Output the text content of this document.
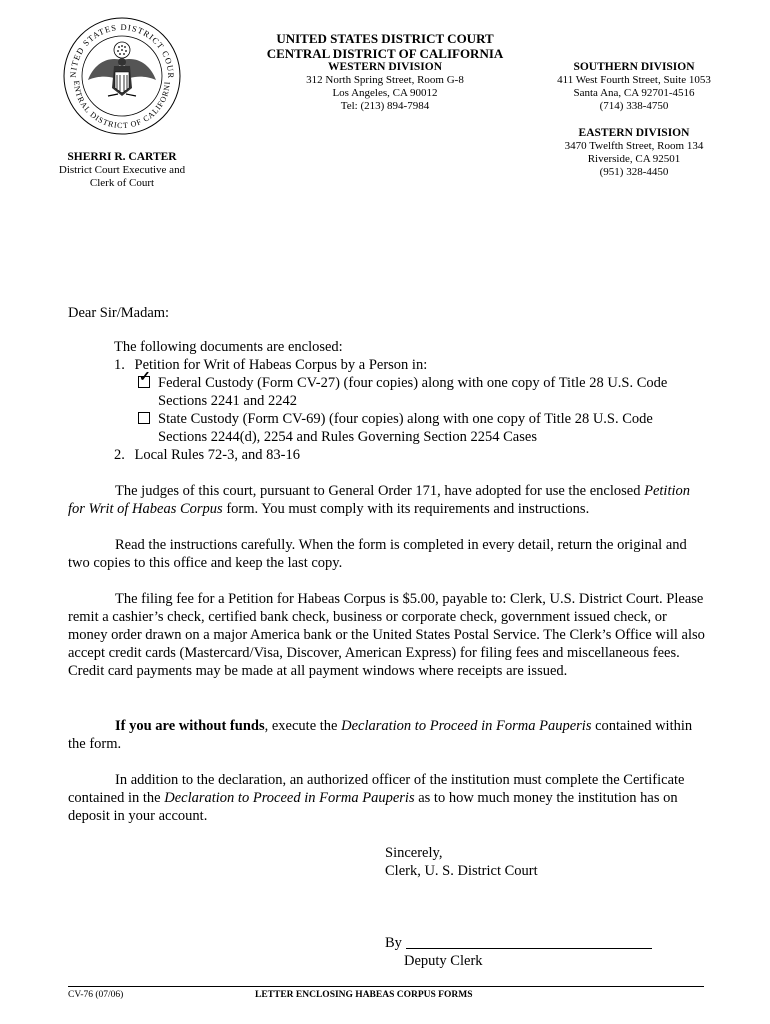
NITED STATES DISTRICT COUR
ENTRAL DISTRICT OF CALIFORNI
UNITED STATES DISTRICT COURT
CENTRAL DISTRICT OF CALIFORNIA
WESTERN DIVISION
312 North Spring Street, Room G-8
Los Angeles, CA 90012
Tel: (213) 894-7984
SOUTHERN DIVISION
411 West Fourth Street, Suite 1053
Santa Ana, CA 92701-4516
(714) 338-4750
EASTERN DIVISION
3470 Twelfth Street, Room 134
Riverside, CA 92501
(951) 328-4450
SHERRI R. CARTER
District Court Executive and
Clerk of Court
Dear Sir/Madam:
The following documents are enclosed:
1. Petition for Writ of Habeas Corpus by a Person in:
✓ Federal Custody (Form CV-27) (four copies) along with one copy of Title 28 U.S. Code
Sections 2241 and 2242
State Custody (Form CV-69) (four copies) along with one copy of Title 28 U.S. Code
Sections 2244(d), 2254 and Rules Governing Section 2254 Cases
2. Local Rules 72-3, and 83-16
The judges of this court, pursuant to General Order 171, have adopted for use the enclosed Petition for Writ of Habeas Corpus form. You must comply with its requirements and instructions.
Read the instructions carefully. When the form is completed in every detail, return the original and two copies to this office and keep the last copy.
The filing fee for a Petition for Habeas Corpus is $5.00, payable to: Clerk, U.S. District Court. Please remit a cashier’s check, certified bank check, business or corporate check, government issued check, or money order drawn on a major America bank or the United States Postal Service. The Clerk’s Office will also accept credit cards (Mastercard/Visa, Discover, American Express) for filing fees and miscellaneous fees. Credit card payments may be made at all payment windows where receipts are issued.
If you are without funds, execute the Declaration to Proceed in Forma Pauperis contained within the form.
In addition to the declaration, an authorized officer of the institution must complete the Certificate contained in the Declaration to Proceed in Forma Pauperis as to how much money the institution has on deposit in your account.
Sincerely,
Clerk, U. S. District Court
By
Deputy Clerk
CV-76 (07/06)	LETTER ENCLOSING HABEAS CORPUS FORMS
